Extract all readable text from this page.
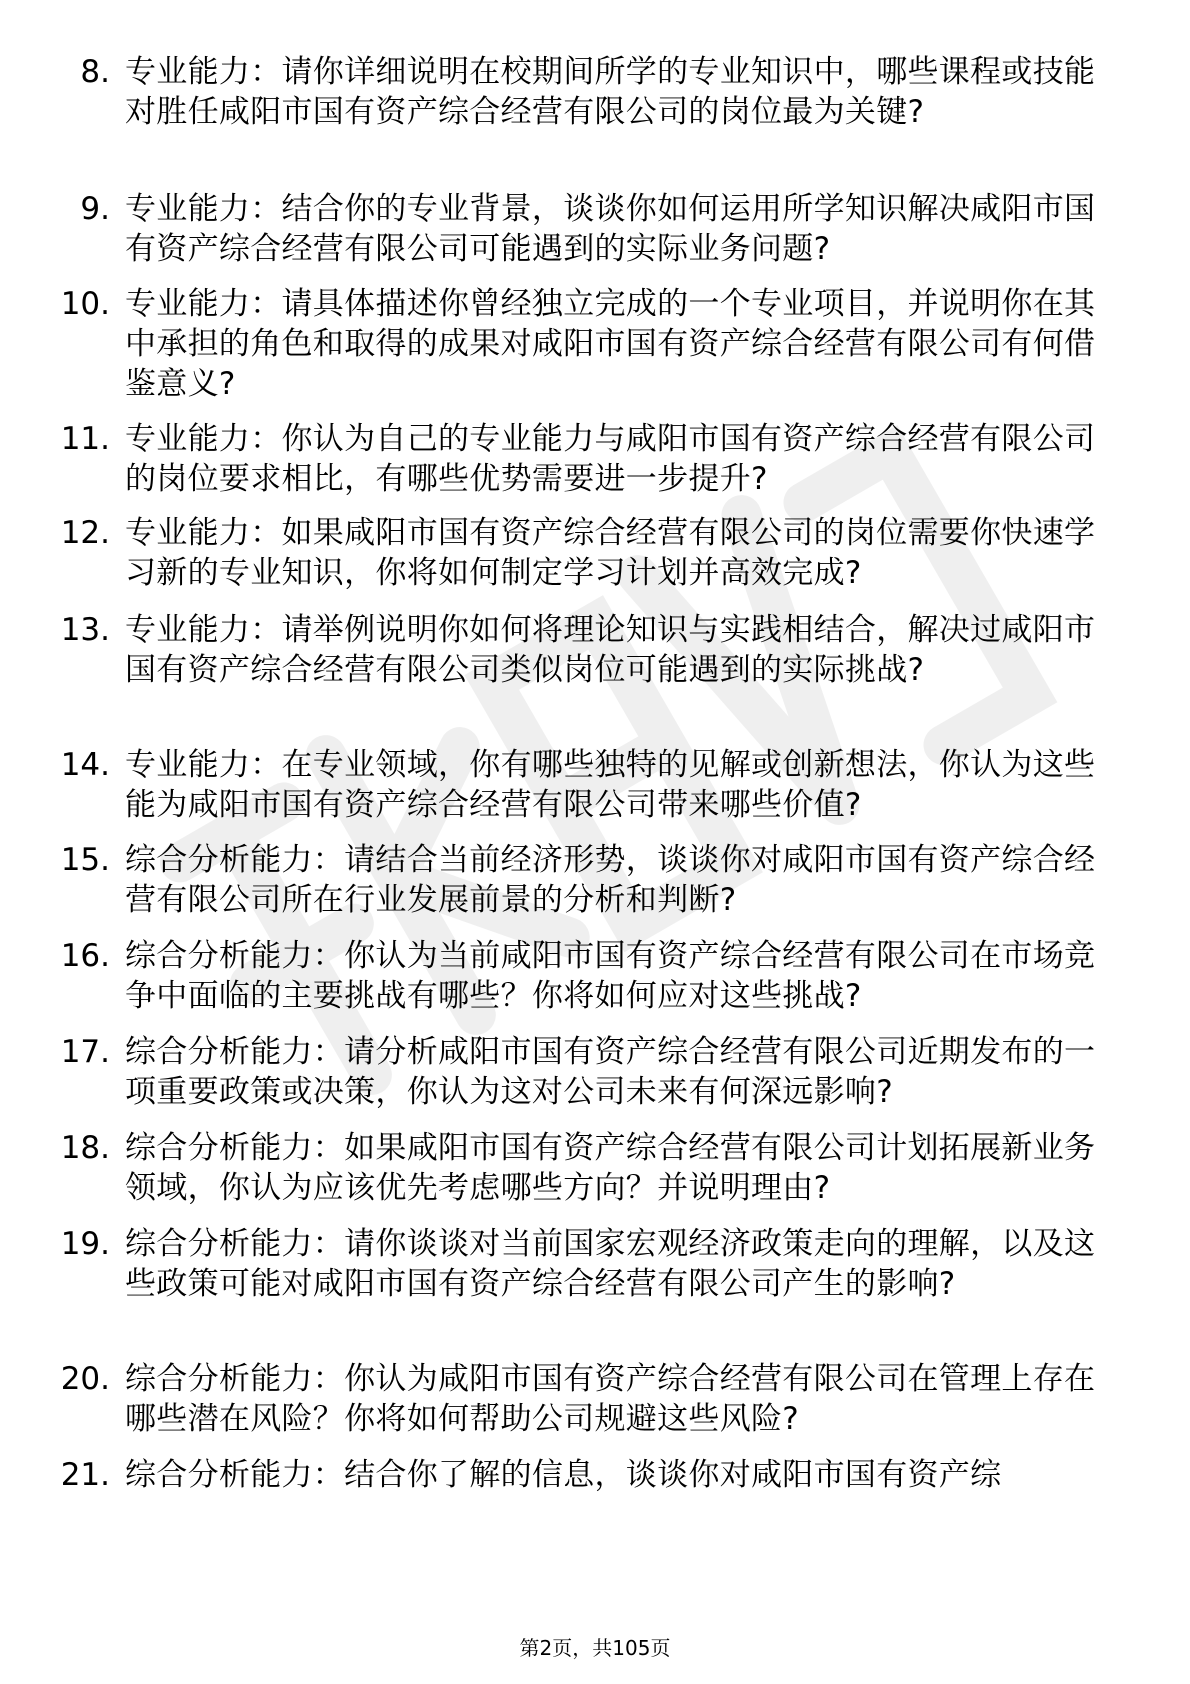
8. 专业能力：请你详细说明在校期间所学的专业知识中，哪些课程或技能对胜任咸阳市国有资产综合经营有限公司的岗位最为关键?
9. 专业能力：结合你的专业背景，谈谈你如何运用所学知识解决咸阳市国有资产综合经营有限公司可能遇到的实际业务问题?
10. 专业能力：请具体描述你曾经独立完成的一个专业项目，并说明你在其中承担的角色和取得的成果对咸阳市国有资产综合经营有限公司有何借鉴意义?
11. 专业能力：你认为自己的专业能力与咸阳市国有资产综合经营有限公司的岗位要求相比，有哪些优势需要进一步提升?
12. 专业能力：如果咸阳市国有资产综合经营有限公司的岗位需要你快速学习新的专业知识，你将如何制定学习计划并高效完成?
13. 专业能力：请举例说明你如何将理论知识与实践相结合，解决过咸阳市国有资产综合经营有限公司类似岗位可能遇到的实际挑战?
14. 专业能力：在专业领域，你有哪些独特的见解或创新想法，你认为这些能为咸阳市国有资产综合经营有限公司带来哪些价值?
15. 综合分析能力：请结合当前经济形势，谈谈你对咸阳市国有资产综合经营有限公司所在行业发展前景的分析和判断?
16. 综合分析能力：你认为当前咸阳市国有资产综合经营有限公司在市场竞争中面临的主要挑战有哪些？你将如何应对这些挑战?
17. 综合分析能力：请分析咸阳市国有资产综合经营有限公司近期发布的一项重要政策或决策，你认为这对公司未来有何深远影响?
18. 综合分析能力：如果咸阳市国有资产综合经营有限公司计划拓展新业务领域，你认为应该优先考虑哪些方向？并说明理由?
19. 综合分析能力：请你谈谈对当前国家宏观经济政策走向的理解，以及这些政策可能对咸阳市国有资产综合经营有限公司产生的影响?
20. 综合分析能力：你认为咸阳市国有资产综合经营有限公司在管理上存在哪些潜在风险？你将如何帮助公司规避这些风险?
21. 综合分析能力：结合你了解的信息，谈谈你对咸阳市国有资产综
第2页，共105页
